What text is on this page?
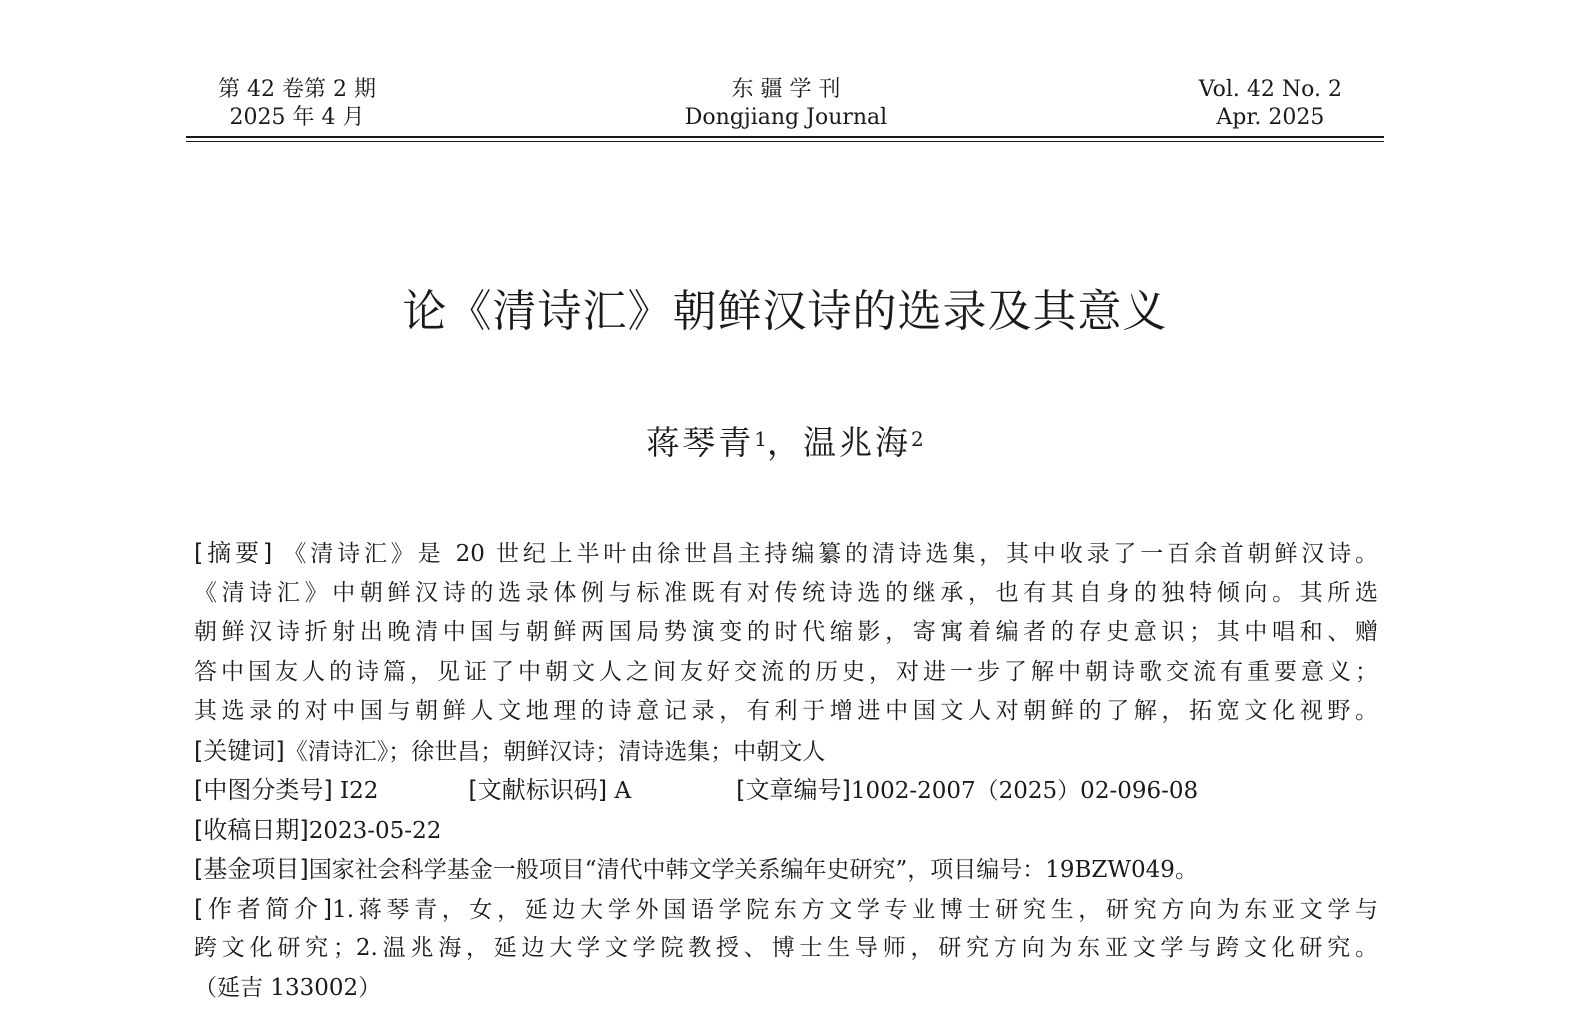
第 42 卷第 2 期
2025 年 4 月
东 疆 学 刊
Dongjiang Journal
Vol. 42 No. 2
Apr. 2025
论《清诗汇》朝鲜汉诗的选录及其意义
蒋琴青$^1$，温兆海$^2$
[摘要] 《清诗汇》是 20 世纪上半叶由徐世昌主持编纂的清诗选集，其中收录了一百余首朝鲜汉诗。
《清诗汇》中朝鲜汉诗的选录体例与标准既有对传统诗选的继承，也有其自身的独特倾向。其所选
朝鲜汉诗折射出晚清中国与朝鲜两国局势演变的时代缩影，寄寓着编者的存史意识；其中唱和、赠
答中国友人的诗篇，见证了中朝文人之间友好交流的历史，对进一步了解中朝诗歌交流有重要意义；
其选录的对中国与朝鲜人文地理的诗意记录，有利于增进中国文人对朝鲜的了解，拓宽文化视野。
[关键词]《清诗汇》；徐世昌；朝鲜汉诗；清诗选集；中朝文人
[中图分类号] I22	[文献标识码] A	[文章编号]1002-2007（2025）02-096-08
[收稿日期]2023-05-22
[基金项目]国家社会科学基金一般项目“清代中韩文学关系编年史研究”，项目编号：19BZW049。
[作者简介]1.蒋琴青，女，延边大学外国语学院东方文学专业博士研究生，研究方向为东亚文学与
跨文化研究；2.温兆海，延边大学文学院教授、博士生导师，研究方向为东亚文学与跨文化研究。
（延吉 133002）
